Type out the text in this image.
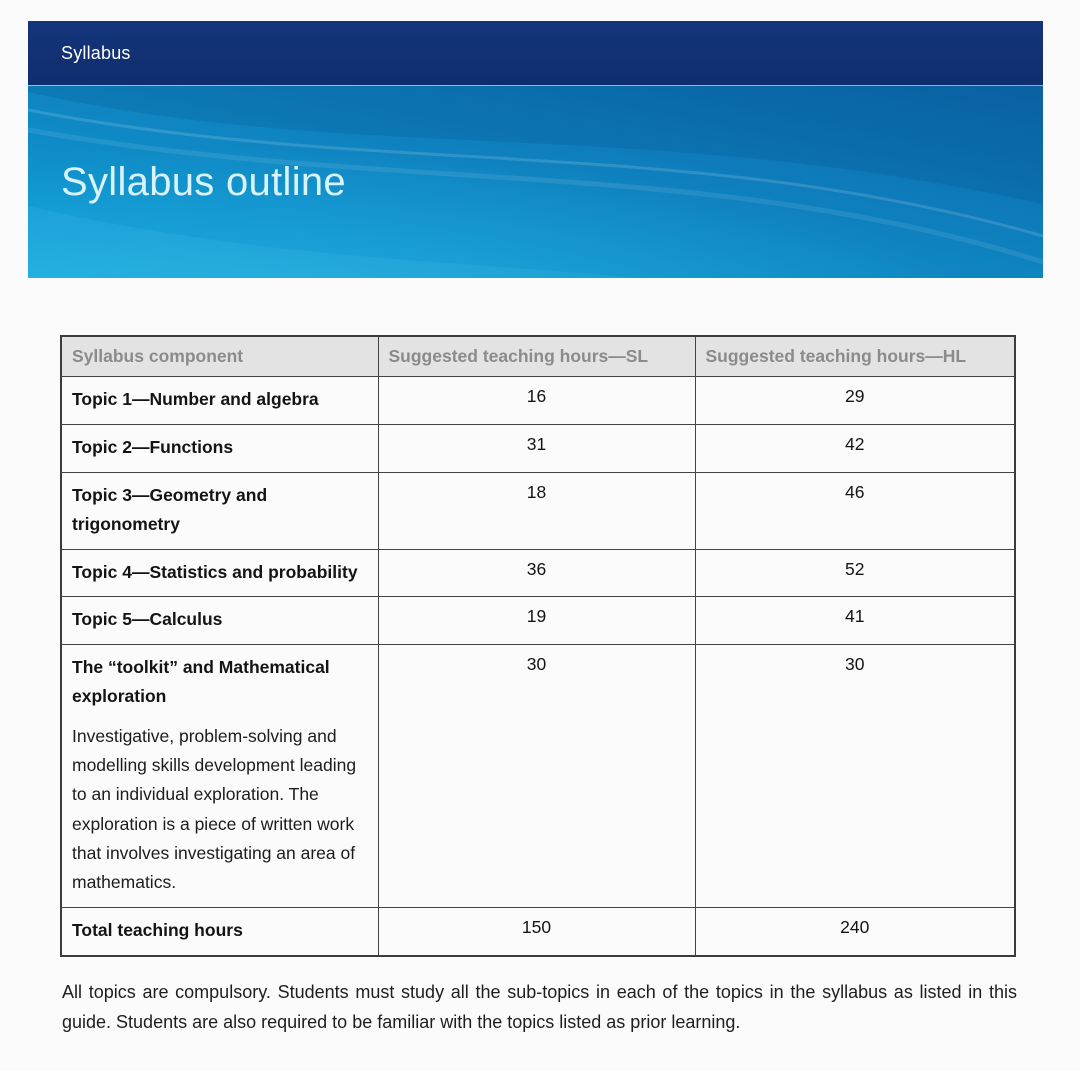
Syllabus
Syllabus outline
Syllabus component	Suggested teaching hours—SL	Suggested teaching hours—HL

Topic 1—Number and algebra	16	29

Topic 2—Functions	31	42

Topic 3—Geometry and trigonometry	18	46

Topic 4—Statistics and probability	36	52

Topic 5—Calculus	19	41

The “toolkit” and Mathematical exploration
Investigative, problem-solving and modelling skills development leading to an individual exploration. The exploration is a piece of written work that involves investigating an area of mathematics.	30	30

Total teaching hours	150	240

All topics are compulsory. Students must study all the sub-topics in each of the topics in the syllabus as listed in this guide. Students are also required to be familiar with the topics listed as prior learning.
